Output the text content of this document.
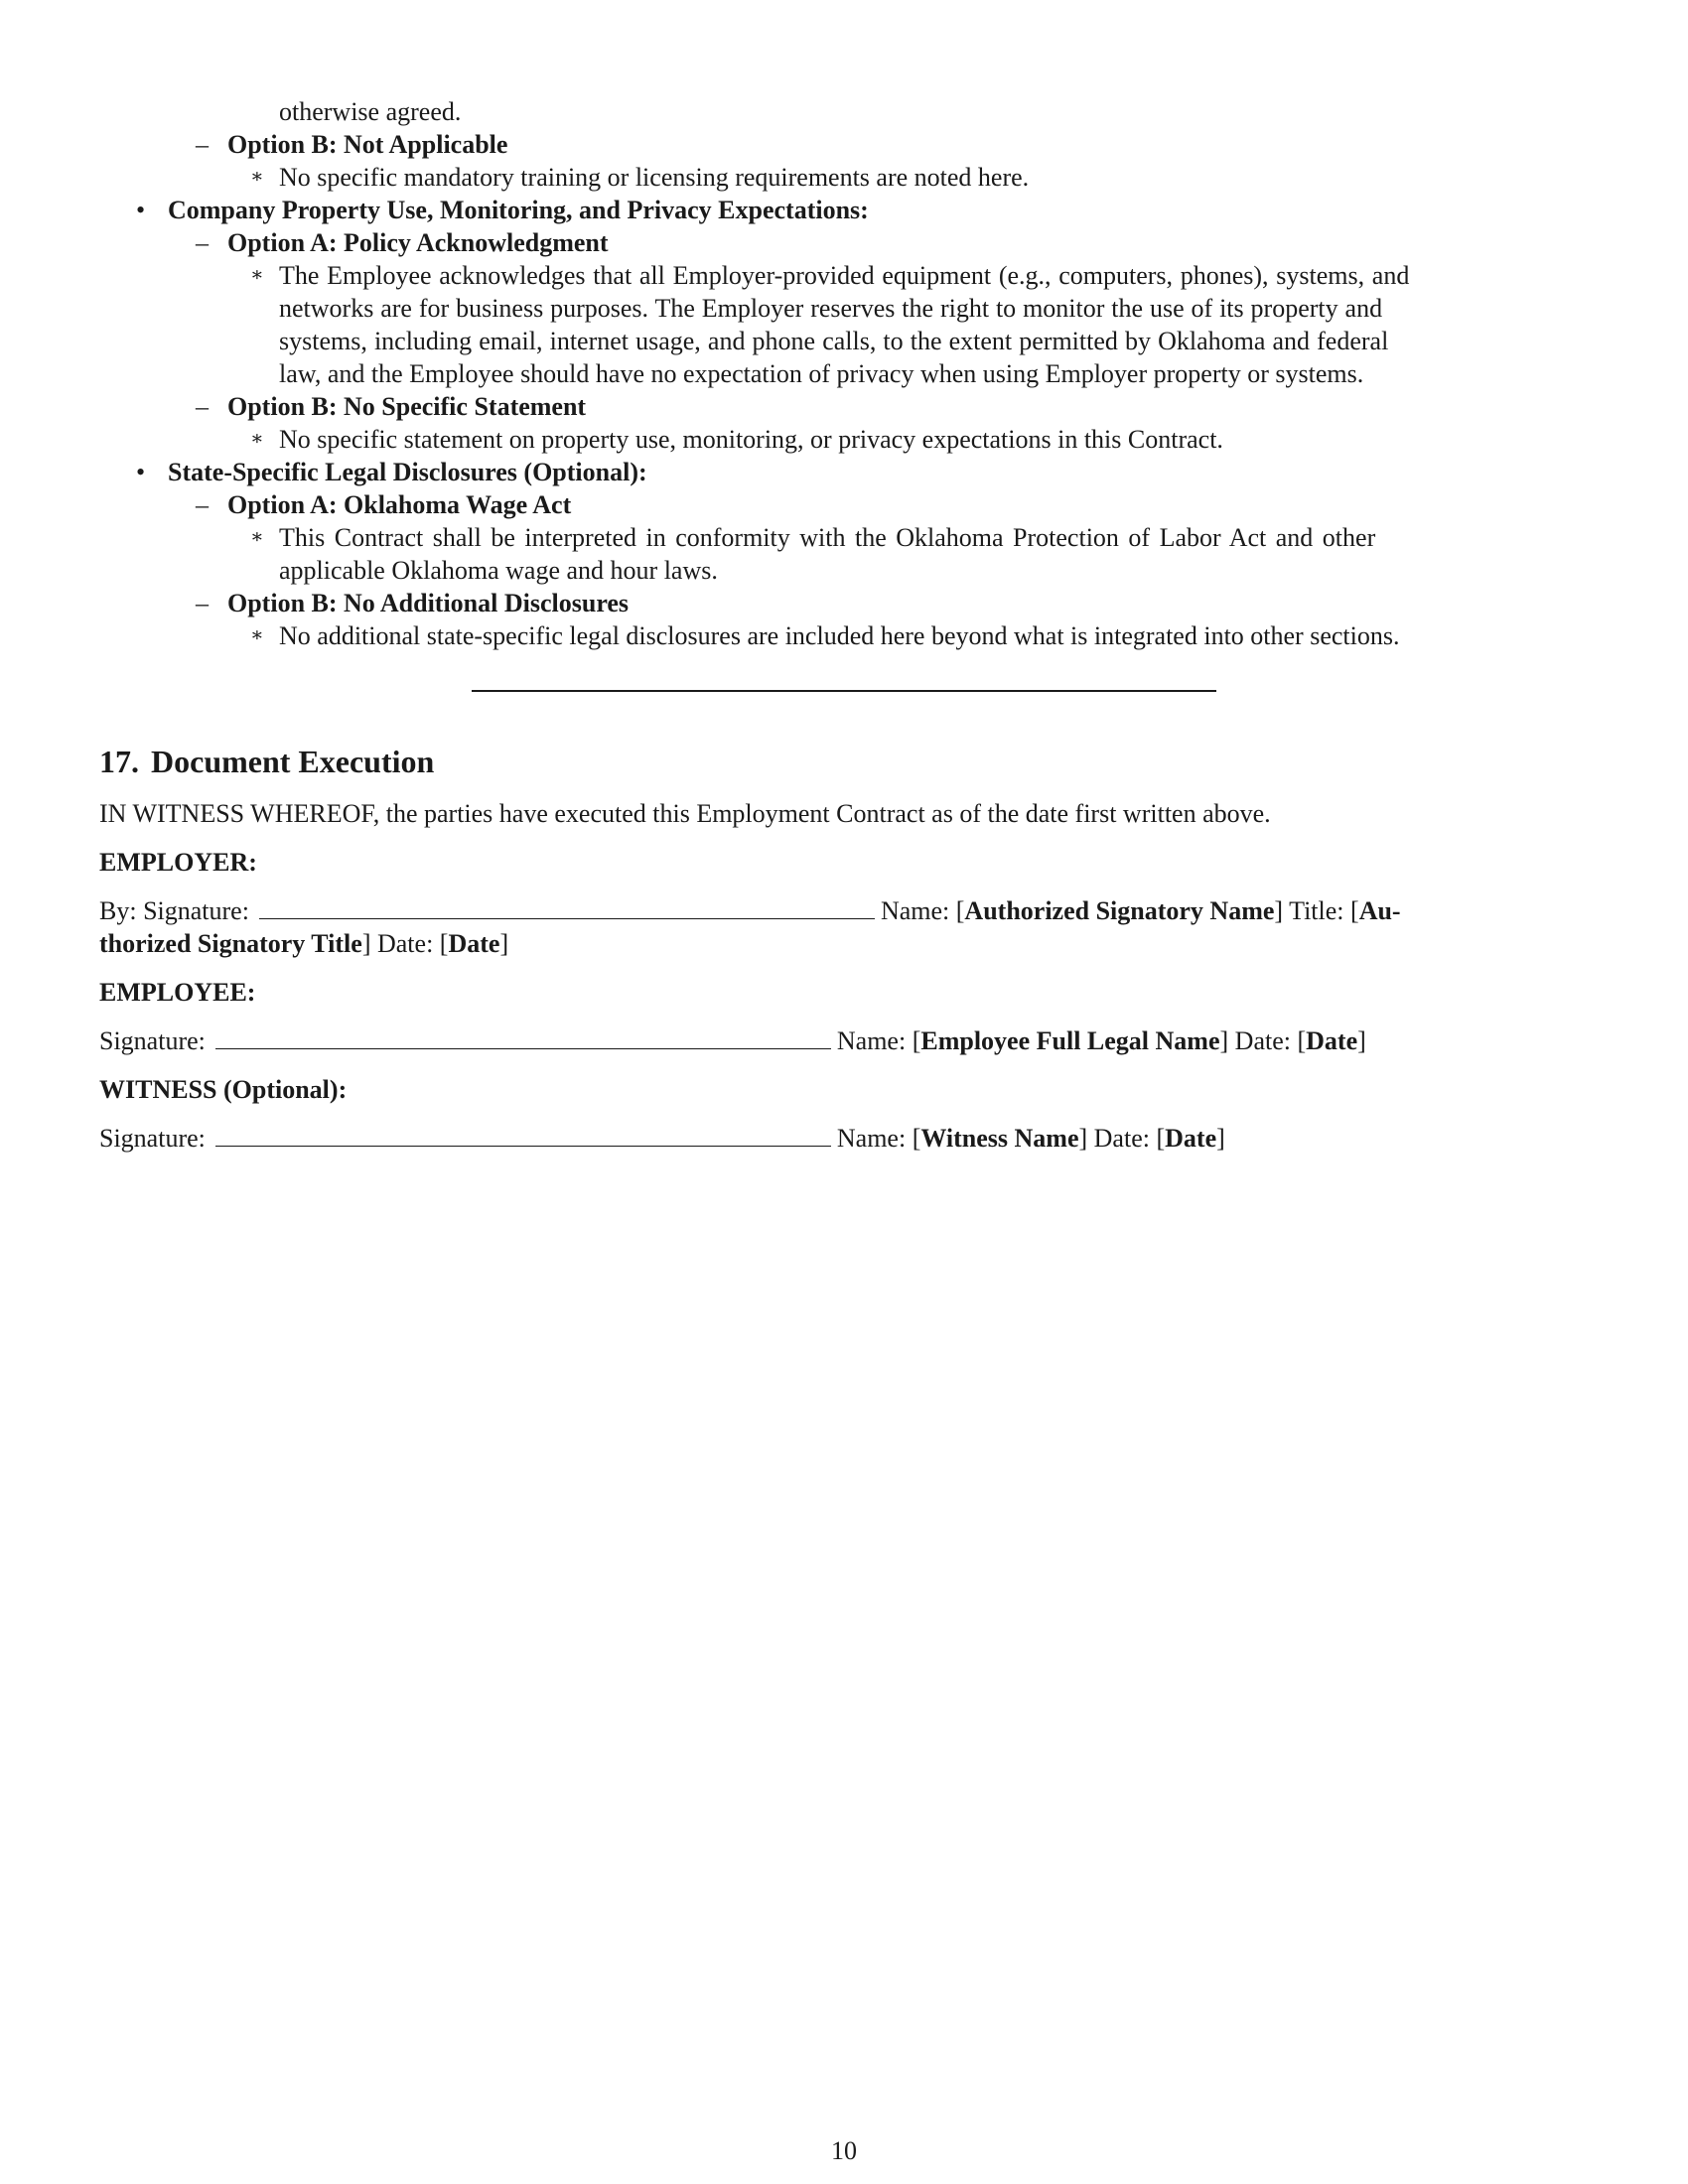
otherwise agreed.
– Option B: Not Applicable
∗ No specific mandatory training or licensing requirements are noted here.
• Company Property Use, Monitoring, and Privacy Expectations:
– Option A: Policy Acknowledgment
∗ The Employee acknowledges that all Employer-provided equipment (e.g., computers, phones), systems, and
networks are for business purposes. The Employer reserves the right to monitor the use of its property and
systems, including email, internet usage, and phone calls, to the extent permitted by Oklahoma and federal
law, and the Employee should have no expectation of privacy when using Employer property or systems.
– Option B: No Specific Statement
∗ No specific statement on property use, monitoring, or privacy expectations in this Contract.
• State-Specific Legal Disclosures (Optional):
– Option A: Oklahoma Wage Act
∗ This Contract shall be interpreted in conformity with the Oklahoma Protection of Labor Act and other
applicable Oklahoma wage and hour laws.
– Option B: No Additional Disclosures
∗ No additional state-specific legal disclosures are included here beyond what is integrated into other sections.
17. Document Execution
IN WITNESS WHEREOF, the parties have executed this Employment Contract as of the date first written above.
EMPLOYER:
By: Signature:	Name: [Authorized Signatory Name] Title: [Au-
thorized Signatory Title] Date: [Date]
EMPLOYEE:
Signature:	Name: [Employee Full Legal Name] Date: [Date]
WITNESS (Optional):
Signature:	Name: [Witness Name] Date: [Date]
10
